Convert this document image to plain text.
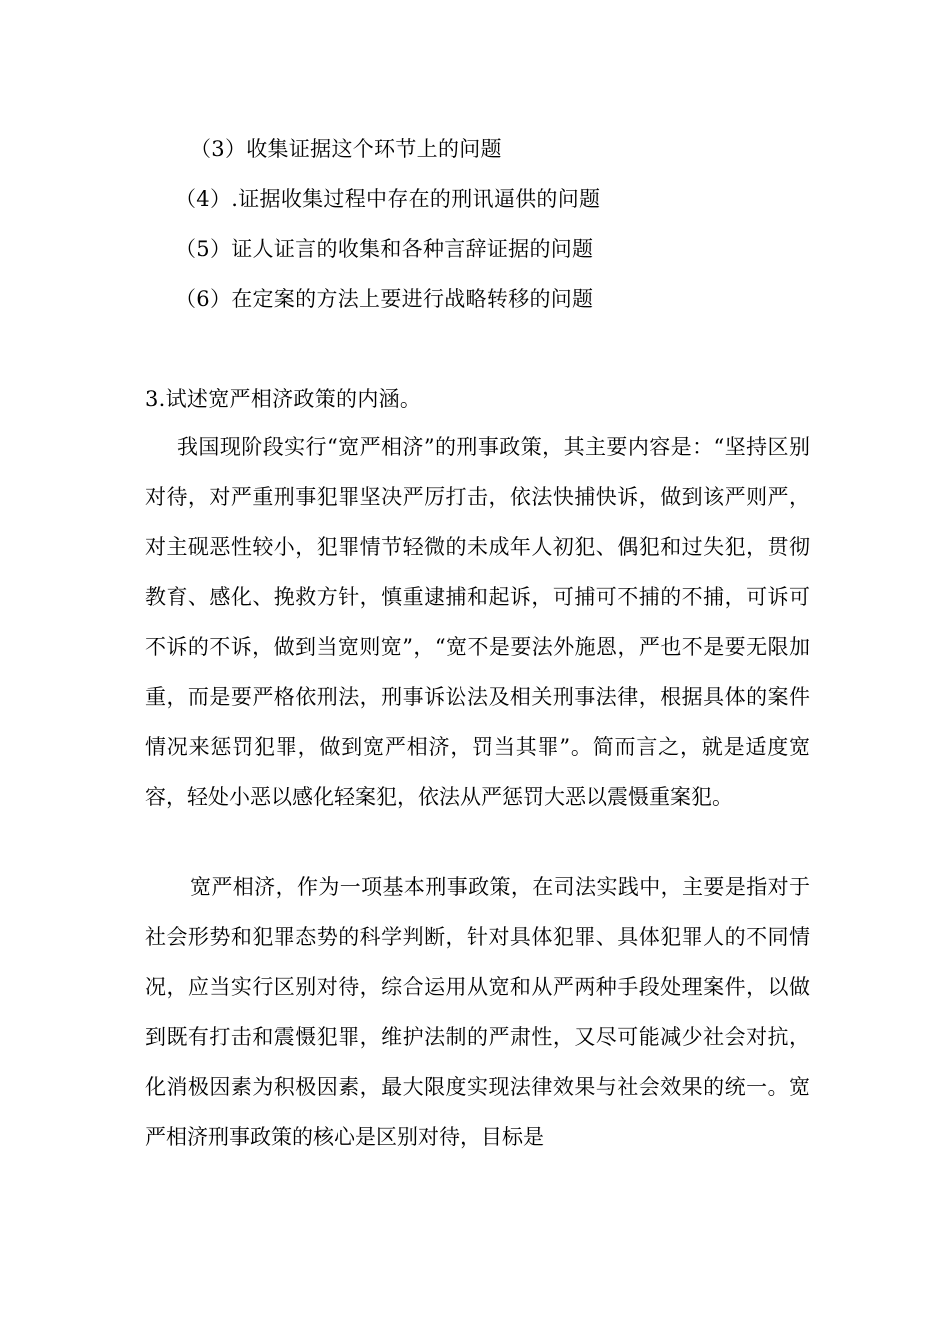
（3）收集证据这个环节上的问题
（4）.证据收集过程中存在的刑讯逼供的问题
（5）证人证言的收集和各种言辞证据的问题
（6）在定案的方法上要进行战略转移的问题
3.试述宽严相济政策的内涵。

我国现阶段实行“宽严相济”的刑事政策，其主要内容是：“坚持区别对待，对严重刑事犯罪坚决严厉打击，依法快捕快诉，做到该严则严，对主砚恶性较小，犯罪情节轻微的未成年人初犯、偶犯和过失犯，贯彻教育、感化、挽救方针，慎重逮捕和起诉，可捕可不捕的不捕，可诉可不诉的不诉，做到当宽则宽”，“宽不是要法外施恩，严也不是要无限加重，而是要严格依刑法，刑事诉讼法及相关刑事法律，根据具体的案件情况来惩罚犯罪，做到宽严相济，罚当其罪”。简而言之，就是适度宽容，轻处小恶以感化轻案犯，依法从严惩罚大恶以震慑重案犯。

宽严相济，作为一项基本刑事政策，在司法实践中，主要是指对于社会形势和犯罪态势的科学判断，针对具体犯罪、具体犯罪人的不同情况，应当实行区别对待，综合运用从宽和从严两种手段处理案件，以做到既有打击和震慑犯罪，维护法制的严肃性，又尽可能减少社会对抗，化消极因素为积极因素，最大限度实现法律效果与社会效果的统一。宽严相济刑事政策的核心是区别对待，目标是
